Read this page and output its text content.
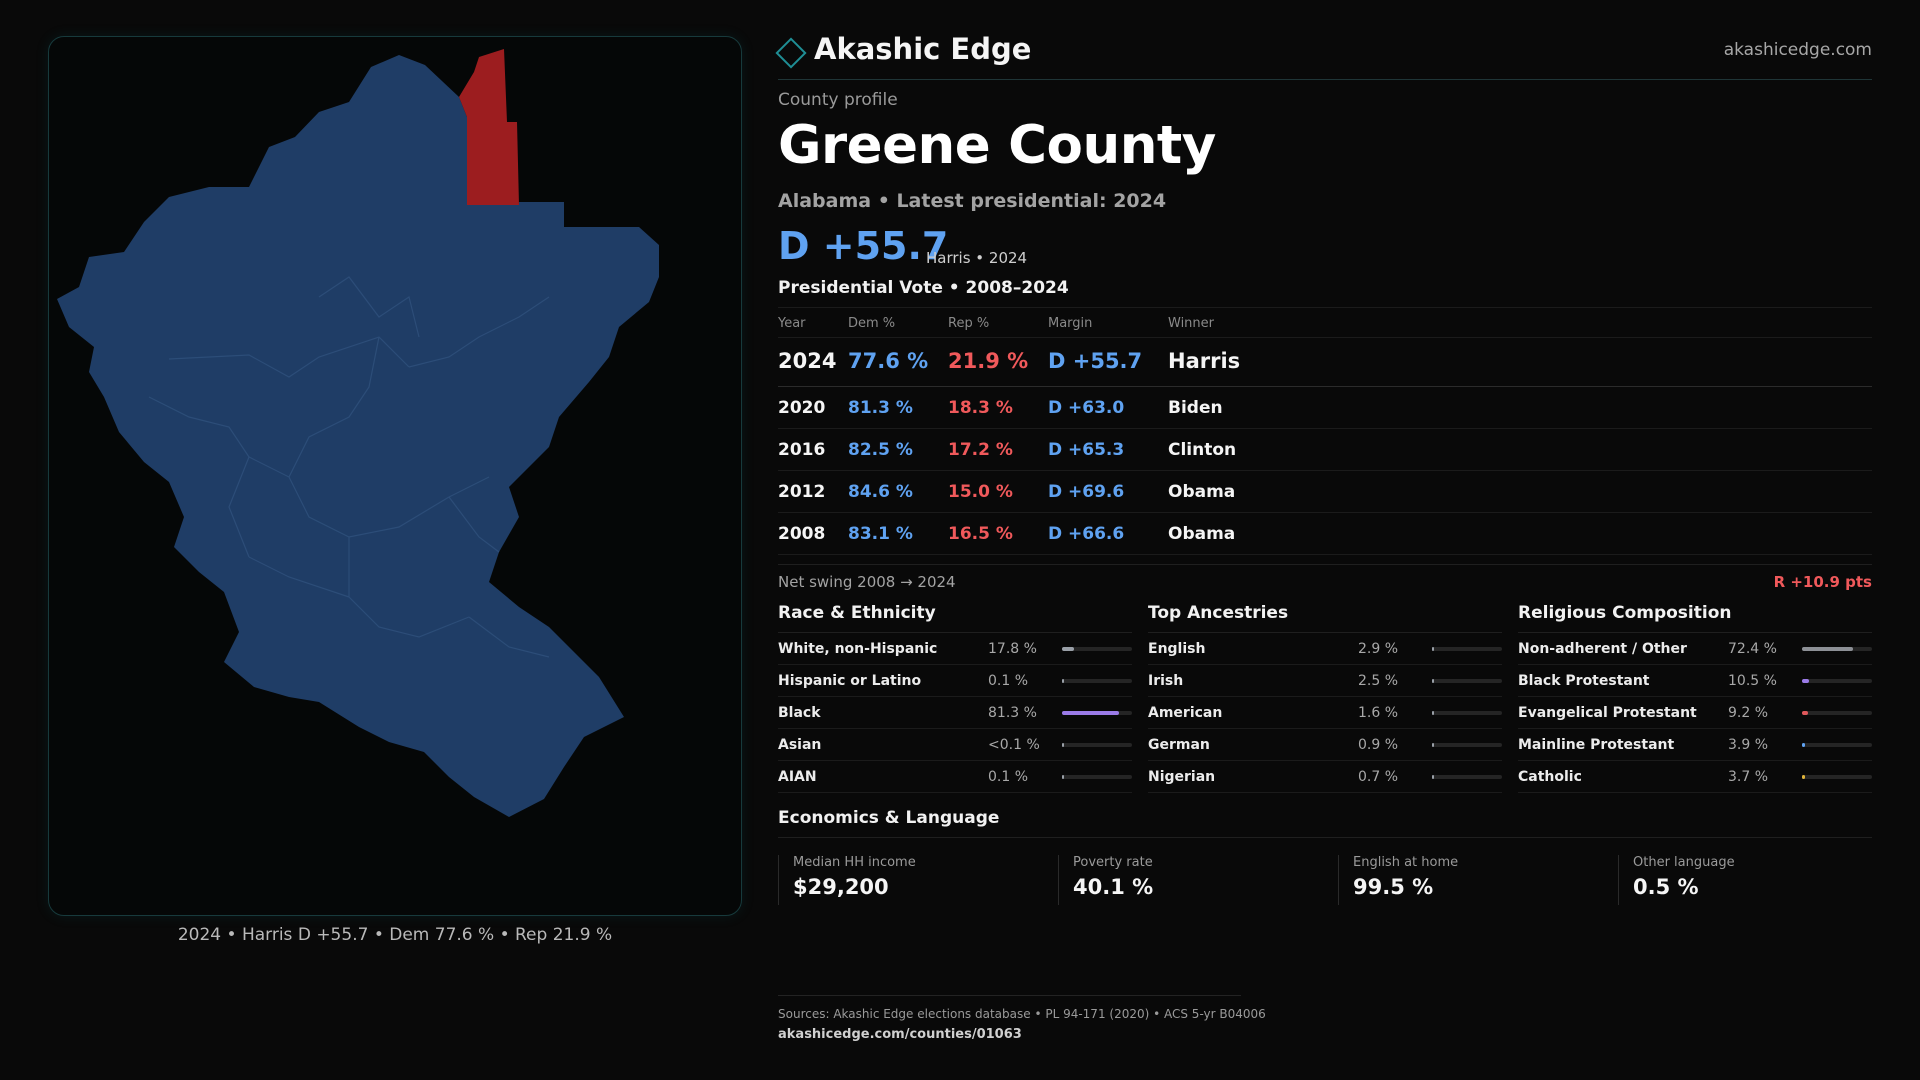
2024 • Harris D +55.7 • Dem 77.6 % • Rep 21.9 %
Akashic Edge	akashicedge.com
County profile
Greene County
Alabama • Latest presidential: 2024
D +55.7
Harris • 2024
Presidential Vote • 2008–2024
Year	Dem %	Rep %	Margin	Winner
2024 77.6 % 21.9 % D +55.7 Harris
2020 81.3 % 18.3 % D +63.0	Biden
2016 82.5 % 17.2 % D +65.3	Clinton
2012 84.6 % 15.0 % D +69.6	Obama
2008 83.1 % 16.5 % D +66.6	Obama
Net swing 2008 → 2024	R +10.9 pts
Race & Ethnicity
White, non-Hispanic	17.8 %
Hispanic or Latino	0.1 %
Black	81.3 %
Asian	<0.1 %
AIAN	0.1 %
Top Ancestries
English	2.9 %
Irish	2.5 %
American	1.6 %
German	0.9 %
Nigerian	0.7 %
Religious Composition
Non-adherent / Other	72.4 %
Black Protestant	10.5 %
Evangelical Protestant 9.2 %
Mainline Protestant	3.9 %
Catholic	3.7 %
Economics & Language
Median HH income
$29,200
Poverty rate
40.1 %
English at home
99.5 %
Other language
0.5 %
Sources: Akashic Edge elections database • PL 94-171 (2020) • ACS 5-yr B04006
akashicedge.com/counties/01063
